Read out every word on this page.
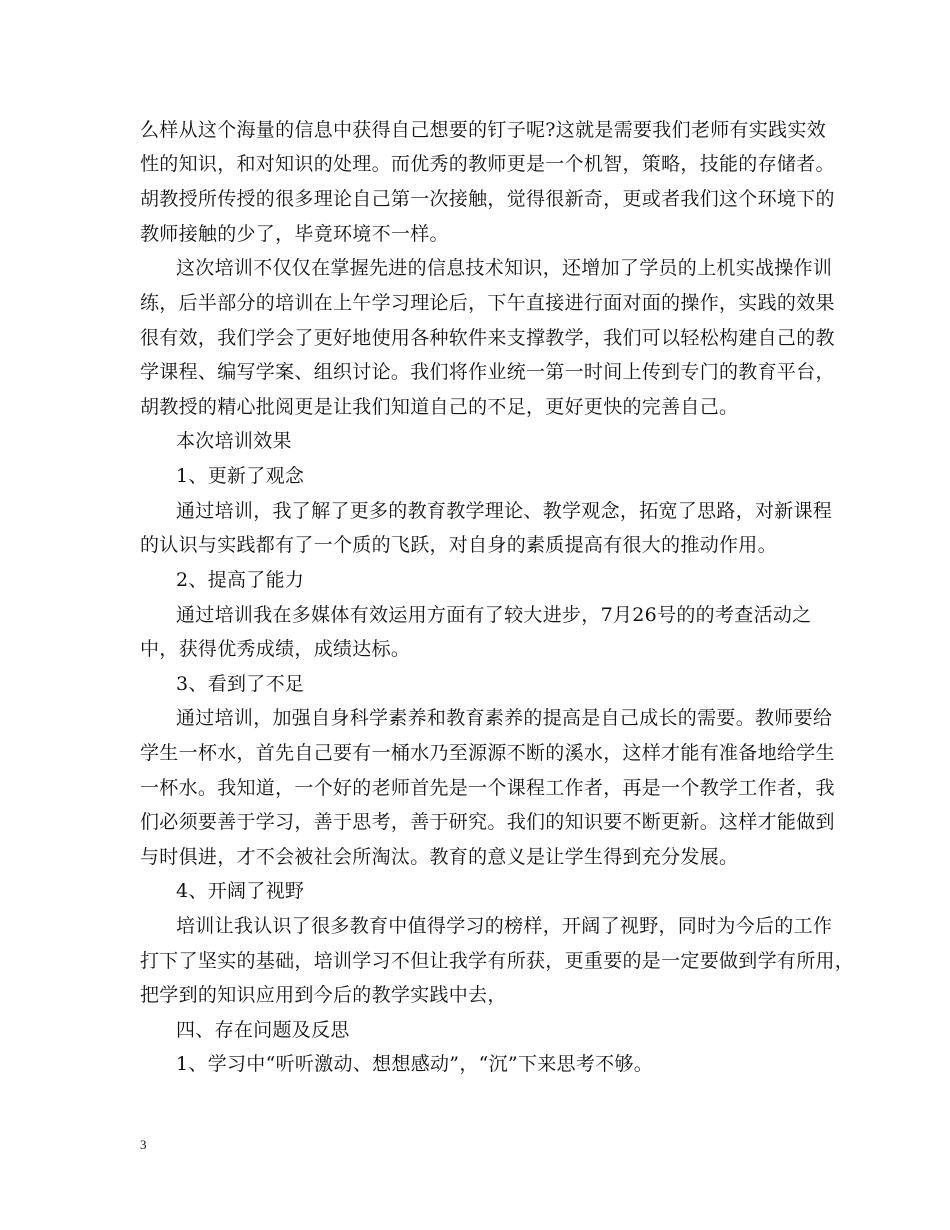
么样从这个海量的信息中获得自己想要的钉子呢?这就是需要我们老师有实践实效
性的知识，和对知识的处理。而优秀的教师更是一个机智，策略，技能的存储者。
胡教授所传授的很多理论自己第一次接触，觉得很新奇，更或者我们这个环境下的
教师接触的少了，毕竟环境不一样。
这次培训不仅仅在掌握先进的信息技术知识，还增加了学员的上机实战操作训
练，后半部分的培训在上午学习理论后，下午直接进行面对面的操作，实践的效果
很有效，我们学会了更好地使用各种软件来支撑教学，我们可以轻松构建自己的教
学课程、编写学案、组织讨论。我们将作业统一第一时间上传到专门的教育平台，
胡教授的精心批阅更是让我们知道自己的不足，更好更快的完善自己。
本次培训效果
1、更新了观念
通过培训，我了解了更多的教育教学理论、教学观念，拓宽了思路，对新课程
的认识与实践都有了一个质的飞跃，对自身的素质提高有很大的推动作用。
2、提高了能力
通过培训我在多媒体有效运用方面有了较大进步，7月26号的的考查活动之
中，获得优秀成绩，成绩达标。
3、看到了不足
通过培训，加强自身科学素养和教育素养的提高是自己成长的需要。教师要给
学生一杯水，首先自己要有一桶水乃至源源不断的溪水，这样才能有准备地给学生
一杯水。我知道，一个好的老师首先是一个课程工作者，再是一个教学工作者，我
们必须要善于学习，善于思考，善于研究。我们的知识要不断更新。这样才能做到
与时俱进，才不会被社会所淘汰。教育的意义是让学生得到充分发展。
4、开阔了视野
培训让我认识了很多教育中值得学习的榜样，开阔了视野，同时为今后的工作
打下了坚实的基础，培训学习不但让我学有所获，更重要的是一定要做到学有所用，
把学到的知识应用到今后的教学实践中去，
四、存在问题及反思
1、学习中“听听激动、想想感动”，“沉”下来思考不够。
3
